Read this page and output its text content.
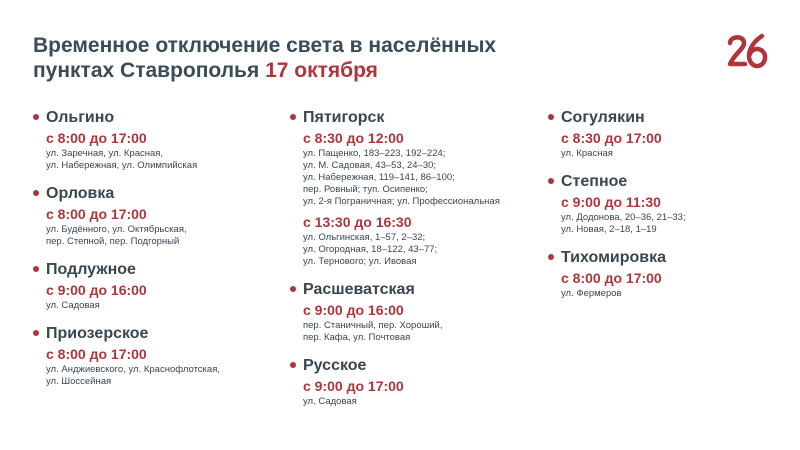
Временное отключение света в населённых
пунктах Ставрополья 17 октября
Ольгино
с 8:00 до 17:00
ул. Заречная, ул. Красная,
ул. Набережная, ул. Олимпийская
Орловка
с 8:00 до 17:00
ул. Будённого, ул. Октябрьская,
пер. Степной, пер. Подгорный
Подлужное
с 9:00 до 16:00
ул. Садовая
Приозерское
с 8:00 до 17:00
ул. Анджиевского, ул. Краснофлотская,
ул. Шоссейная
Пятигорск
с 8:30 до 12:00
ул. Пащенко, 183–223, 192–224;
ул. М. Садовая, 43–53, 24–30;
ул. Набережная, 119–141, 86–100;
пер. Ровный; туп. Осипенко;
ул. 2-я Пограничная; ул. Профессиональная
с 13:30 до 16:30
ул. Ольгинская, 1–57, 2–32;
ул. Огородная, 18–122, 43–77;
ул. Тернового; ул. Ивовая
Расшеватская
с 9:00 до 16:00
пер. Станичный, пер. Хороший,
пер. Кафа, ул. Почтовая
Русское
с 9:00 до 17:00
ул. Садовая
Согулякин
с 8:30 до 17:00
ул. Красная
Степное
с 9:00 до 11:30
ул. Додонова, 20–36, 21–33;
ул. Новая, 2–18, 1–19
Тихомировка
с 8:00 до 17:00
ул. Фермеров
